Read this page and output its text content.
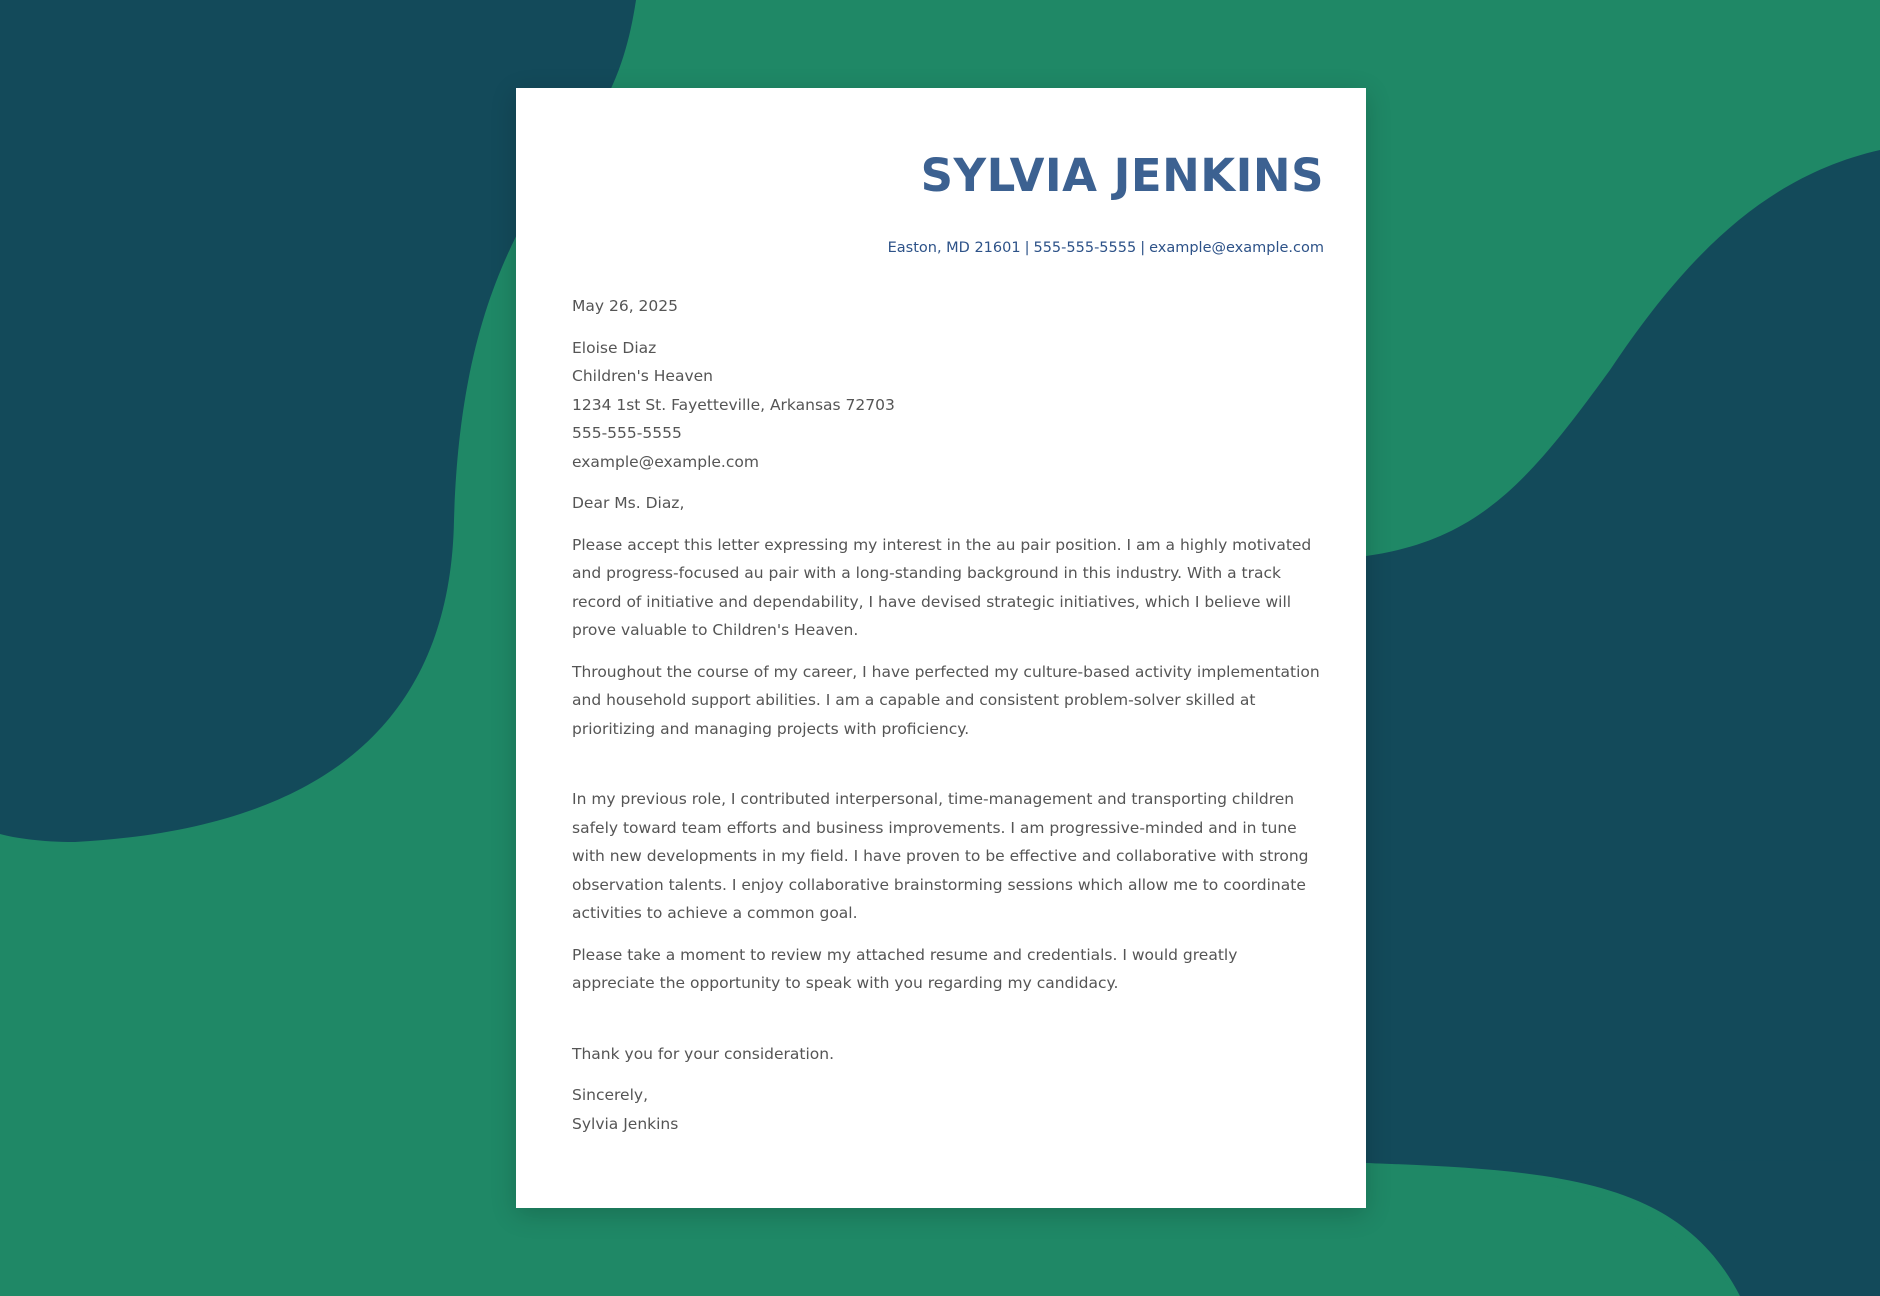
SYLVIA JENKINS
Easton, MD 21601 | 555-555-5555 | example@example.com
May 26, 2025
Eloise Diaz
Children's Heaven
1234 1st St. Fayetteville, Arkansas 72703
555-555-5555
example@example.com

Dear Ms. Diaz,

Please accept this letter expressing my interest in the au pair position. I am a highly motivated and progress-focused au pair with a long-standing background in this industry. With a track record of initiative and dependability, I have devised strategic initiatives, which I believe will prove valuable to Children's Heaven.

Throughout the course of my career, I have perfected my culture-based activity implementation and household support abilities. I am a capable and consistent problem-solver skilled at prioritizing and managing projects with proficiency.

In my previous role, I contributed interpersonal, time-management and transporting children safely toward team efforts and business improvements. I am progressive-minded and in tune with new developments in my field. I have proven to be effective and collaborative with strong observation talents. I enjoy collaborative brainstorming sessions which allow me to coordinate activities to achieve a common goal.

Please take a moment to review my attached resume and credentials. I would greatly appreciate the opportunity to speak with you regarding my candidacy.

Thank you for your consideration.

Sincerely,
Sylvia Jenkins
